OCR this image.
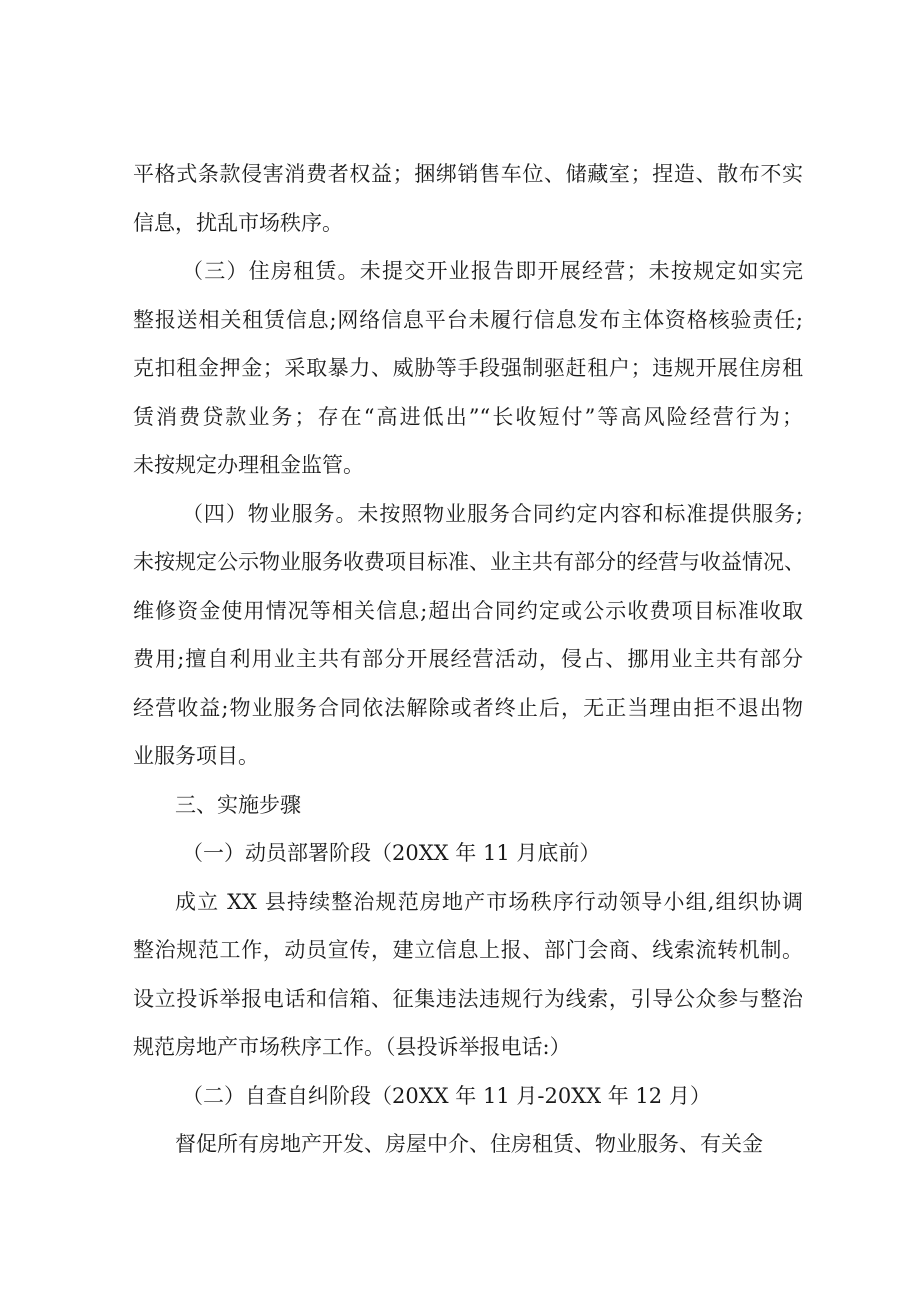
平格式条款侵害消费者权益；捆绑销售车位、储藏室；捏造、散布不实
信息，扰乱市场秩序。
（三）住房租赁。未提交开业报告即开展经营；未按规定如实完
整报送相关租赁信息;网络信息平台未履行信息发布主体资格核验责任;
克扣租金押金；采取暴力、威胁等手段强制驱赶租户；违规开展住房租
赁消费贷款业务；存在“高进低出”“长收短付”等高风险经营行为；
未按规定办理租金监管。
（四）物业服务。未按照物业服务合同约定内容和标准提供服务;
未按规定公示物业服务收费项目标准、业主共有部分的经营与收益情况、
维修资金使用情况等相关信息;超出合同约定或公示收费项目标准收取
费用;擅自利用业主共有部分开展经营活动，侵占、挪用业主共有部分
经营收益;物业服务合同依法解除或者终止后，无正当理由拒不退出物
业服务项目。
三、实施步骤
（一）动员部署阶段（20XX 年 11 月底前）
成立 XX 县持续整治规范房地产市场秩序行动领导小组,组织协调
整治规范工作，动员宣传，建立信息上报、部门会商、线索流转机制。
设立投诉举报电话和信箱、征集违法违规行为线索，引导公众参与整治
规范房地产市场秩序工作。（县投诉举报电话:）
（二）自查自纠阶段（20XX 年 11 月-20XX 年 12 月）
督促所有房地产开发、房屋中介、住房租赁、物业服务、有关金
